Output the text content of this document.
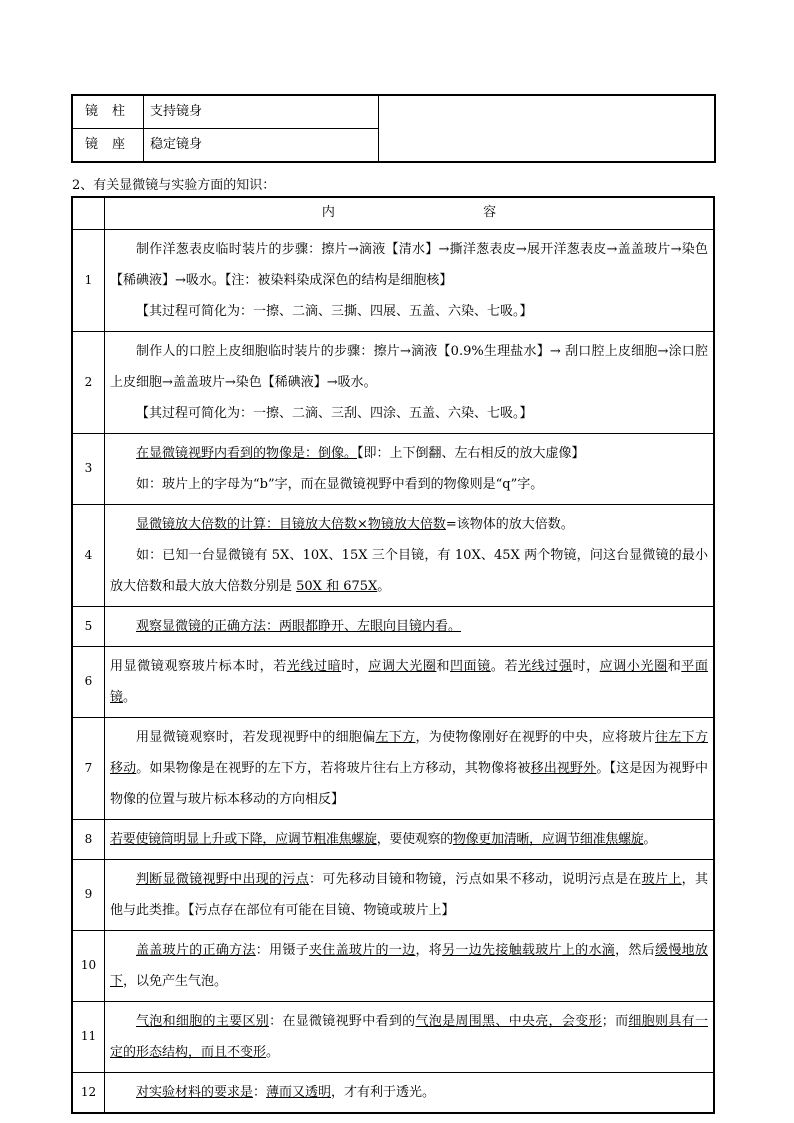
镜柱	支持镜身	
镜座	稳定镜身	
2、有关显微镜与实验方面的知识：
	内 容
1	制作洋葱表皮临时装片的步骤：擦片→滴液【清水】→撕洋葱表皮→展开洋葱表皮→盖盖玻片→染色【稀碘液】→吸水。【注：被染料染成深色的结构是细胞核】
【其过程可简化为：一擦、二滴、三撕、四展、五盖、六染、七吸。】

2	制作人的口腔上皮细胞临时装片的步骤：擦片→滴液【0.9%生理盐水】→ 刮口腔上皮细胞→涂口腔上皮细胞→盖盖玻片→染色【稀碘液】→吸水。
【其过程可简化为：一擦、二滴、三刮、四涂、五盖、六染、七吸。】

3	在显微镜视野内看到的物像是：倒像。【即：上下倒翻、左右相反的放大虚像】
如：玻片上的字母为“b”字，而在显微镜视野中看到的物像则是“q”字。

4	显微镜放大倍数的计算：目镜放大倍数×物镜放大倍数=该物体的放大倍数。
如：已知一台显微镜有 5X、10X、15X 三个目镜，有 10X、45X 两个物镜，问这台显微镜的最小放大倍数和最大放大倍数分别是 50X 和 675X。

5	观察显微镜的正确方法：两眼都睁开、左眼向目镜内看。

6	用显微镜观察玻片标本时，若光线过暗时，应调大光圈和凹面镜。若光线过强时，应调小光圈和平面镜。

7	用显微镜观察时，若发现视野中的细胞偏左下方，为使物像刚好在视野的中央，应将玻片往左下方移动。如果物像是在视野的左下方，若将玻片往右上方移动，其物像将被移出视野外。【这是因为视野中物像的位置与玻片标本移动的方向相反】

8	若要使镜筒明显上升或下降，应调节粗准焦螺旋，要使观察的物像更加清晰，应调节细准焦螺旋。

9	判断显微镜视野中出现的污点：可先移动目镜和物镜，污点如果不移动，说明污点是在玻片上，其他与此类推。【污点存在部位有可能在目镜、物镜或玻片上】

10	盖盖玻片的正确方法：用镊子夹住盖玻片的一边，将另一边先接触载玻片上的水滴，然后缓慢地放下，以免产生气泡。

11	气泡和细胞的主要区别：在显微镜视野中看到的气泡是周围黑、中央亮，会变形；而细胞则具有一定的形态结构，而且不变形。

12	对实验材料的要求是：薄而又透明，才有利于透光。
